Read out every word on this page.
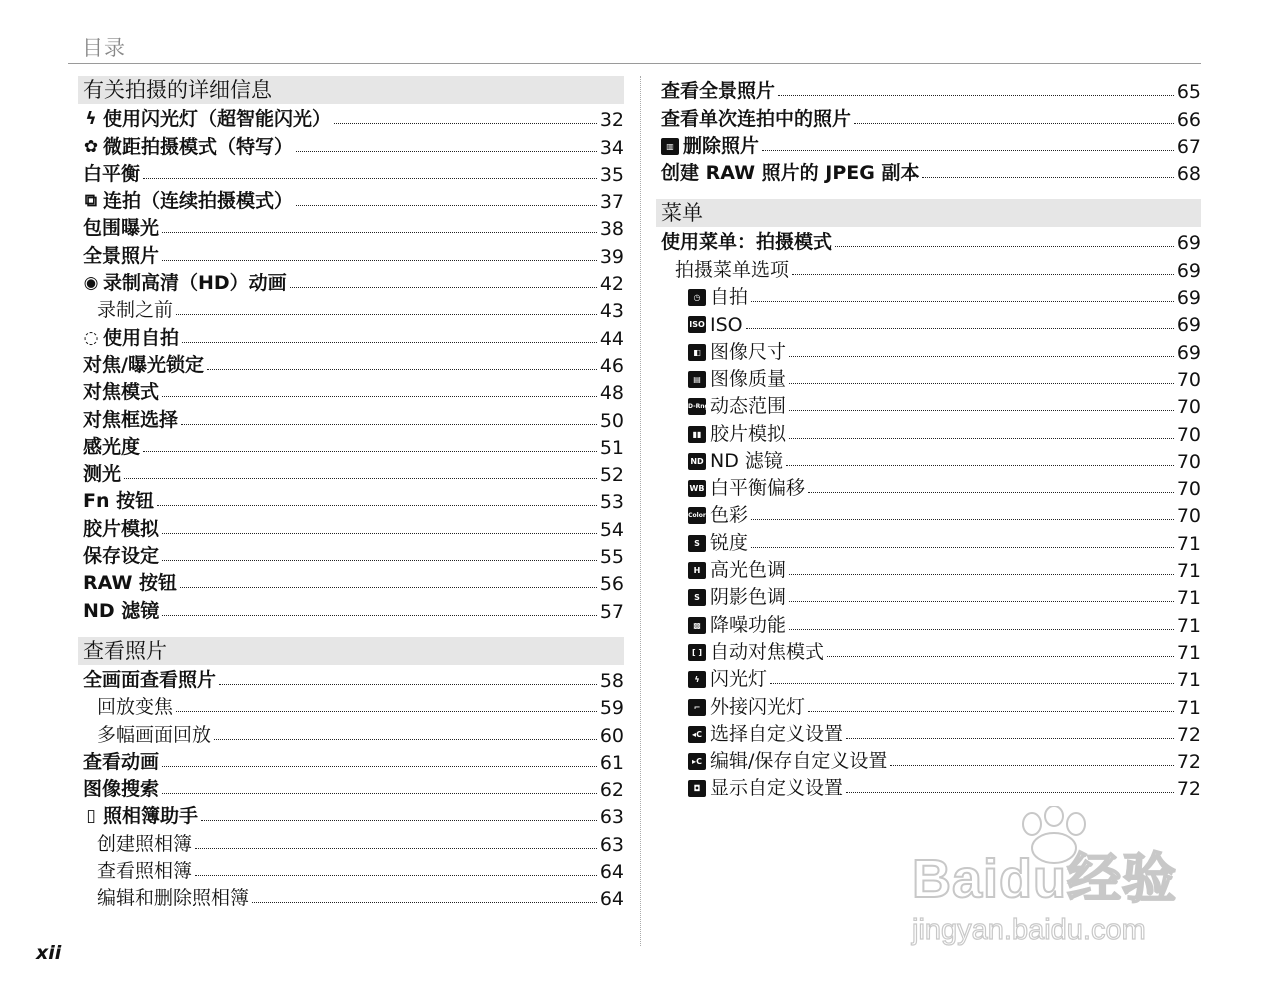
目录
有关拍摄的详细信息
ϟ 使用闪光灯（超智能闪光）	32
✿ 微距拍摄模式（特写）	34
白平衡	35
⧉ 连拍（连续拍摄模式）	37
包围曝光	38
全景照片	39
◉ 录制高清（HD）动画	42
录制之前	43
◌ 使用自拍	44
对焦/曝光锁定	46
对焦模式	48
对焦框选择	50
感光度	51
测光	52
Fn 按钮	53
胶片模拟	54
保存设定	55
RAW 按钮	56
ND 滤镜	57
查看照片
全画面查看照片	58
回放变焦	59
多幅画面回放	60
查看动画	61
图像搜索	62
▯ 照相簿助手	63
创建照相簿	63
查看照相簿	64
编辑和删除照相簿	64
查看全景照片	65
查看单次连拍中的照片	66
▥ 删除照片	67
创建 RAW 照片的 JPEG 副本	68
菜单
使用菜单：拍摄模式	69
拍摄菜单选项	69
◷ 自拍	69
ISO ISO	69
◧ 图像尺寸	69
▤ 图像质量	70
D-Rng 动态范围	70
▮▮ 胶片模拟	70
ND ND 滤镜	70
WB 白平衡偏移	70
Color 色彩	70
S 锐度	71
H 高光色调	71
S 阴影色调	71
▩ 降噪功能	71
[ ] 自动对焦模式	71
ϟ 闪光灯	71
⌐ 外接闪光灯	71
◂C 选择自定义设置	72
▸C 编辑/保存自定义设置	72
◘ 显示自定义设置	72
xii
Baidu经验
jingyan.baidu.com
